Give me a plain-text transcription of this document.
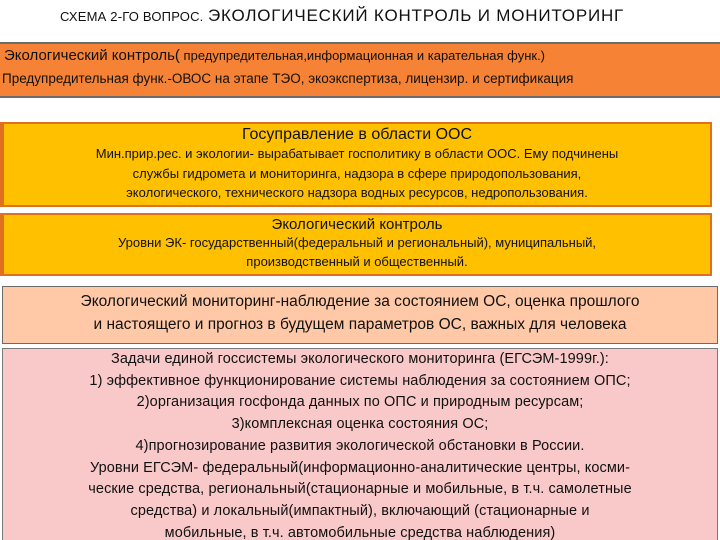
СХЕМА 2-ГО ВОПРОС. ЭКОЛОГИЧЕСКИЙ КОНТРОЛЬ И МОНИТОРИНГ
Экологический контроль( предупредительная,информационная и карательная функ.)
Предупредительная функ.-ОВОС на этапе ТЭО, экоэкспертиза, лицензир. и сертификация
Госуправление в области ООС
Мин.прир.рес. и экологии- вырабатывает госполитику в области ООС. Ему подчинены
службы гидромета и мониторинга, надзора в сфере природопользования,
экологического, технического надзора водных ресурсов, недропользования.
Экологический контроль
Уровни ЭК- государственный(федеральный и региональный), муниципальный,
производственный и общественный.
Экологический мониторинг-наблюдение за состоянием ОС, оценка прошлого
и настоящего и прогноз в будущем параметров ОС, важных для человека
Задачи единой госсистемы экологического мониторинга (ЕГСЭМ-1999г.):
1) эффективное функционирование системы наблюдения за состоянием ОПС;
2)организация госфонда данных по ОПС и природным ресурсам;
3)комплексная оценка состояния ОС;
4)прогнозирование развития экологической обстановки в России.
Уровни ЕГСЭМ- федеральный(информационно-аналитические центры, косми-
ческие средства, региональный(стационарные и мобильные, в т.ч. самолетные
средства) и локальный(импактный), включающий (стационарные и
мобильные, в т.ч. автомобильные средства наблюдения)
